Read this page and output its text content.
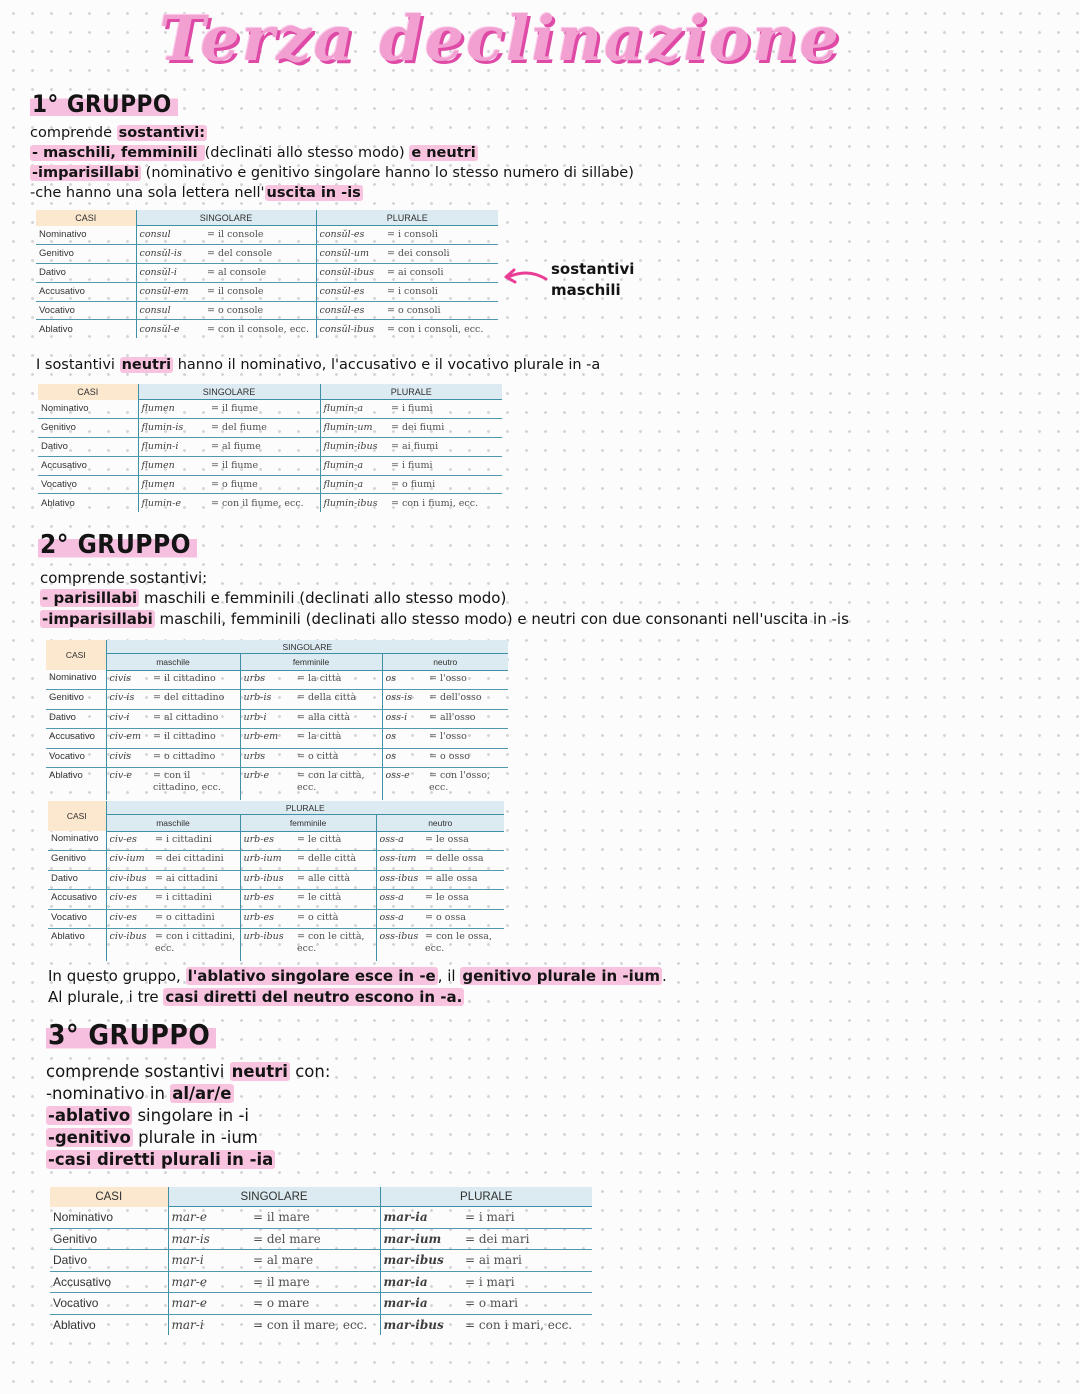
Terza declinazione
1° GRUPPO
comprende sostantivi:
- maschili, femminili (declinati allo stesso modo) e neutri
-imparisillabi (nominativo e genitivo singolare hanno lo stesso numero di sillabe)
-che hanno una sola lettera nell' uscita in -is
CASI	SINGOLARE		PLURALE	
Nominativo	consul	= il console	consŭl-es	= i consoli
Genitivo	consŭl-is	= del console	consŭl-um	= dei consoli
Dativo	consŭl-i	= al console	consŭl-ibus	= ai consoli
Accusativo	consŭl-em	= il console	consŭl-es	= i consoli
Vocativo	consul	= o console	consŭl-es	= o consoli
Ablativo	consŭl-e	= con il console, ecc.	consŭl-ibus	= con i consoli, ecc.
sostantivi
maschili
I sostantivi neutri hanno il nominativo, l'accusativo e il vocativo plurale in -a
CASI	SINGOLARE		PLURALE	
Nominativo	flumen	= il fiume	flumin-a	= i fiumi
Genitivo	flumin-is	= del fiume	flumin-um	= dei fiumi
Dativo	flumin-i	= al fiume	flumin-ibus	= ai fiumi
Accusativo	flumen	= il fiume	flumin-a	= i fiumi
Vocativo	flumen	= o fiume	flumin-a	= o fiumi
Ablativo	flumin-e	= con il fiume, ecc.	flumin-ibus	= con i fiumi, ecc.
2° GRUPPO
comprende sostantivi:
- parisillabi maschili e femminili (declinati allo stesso modo)
-imparisillabi maschili, femminili (declinati allo stesso modo) e neutri con due consonanti nell'uscita in -is
CASI	SINGOLARE					
	maschile		femminile		neutro	
Nominativo	civis	= il cittadino	urbs	= la città	os	= l'osso
Genitivo	civ-is	= del cittadino	urb-is	= della città	oss-is	= dell'osso
Dativo	civ-i	= al cittadino	urb-i	= alla città	oss-i	= all'osso
Accusativo	civ-em	= il cittadino	urb-em	= la città	os	= l'osso
Vocativo	civis	= o cittadino	urbs	= o città	os	= o osso
Ablativo	civ-e	= con il cittadino, ecc.	urb-e	= con la città, ecc.	oss-e	= con l'osso, ecc.
CASI	PLURALE					
	maschile		femminile		neutro	
Nominativo	civ-es	= i cittadini	urb-es	= le città	oss-a	= le ossa
Genitivo	civ-ium	= dei cittadini	urb-ium	= delle città	oss-ium	= delle ossa
Dativo	civ-ibus	= ai cittadini	urb-ibus	= alle città	oss-ibus	= alle ossa
Accusativo	civ-es	= i cittadini	urb-es	= le città	oss-a	= le ossa
Vocativo	civ-es	= o cittadini	urb-es	= o città	oss-a	= o ossa
Ablativo	civ-ibus	= con i cittadini, ecc.	urb-ibus	= con le città, ecc.	oss-ibus	= con le ossa, ecc.
In questo gruppo, l'ablativo singolare esce in -e , il genitivo plurale in -ium .
Al plurale, i tre casi diretti del neutro escono in -a.
3° GRUPPO
comprende sostantivi neutri con:
-nominativo in al/ar/e
-ablativo singolare in -i
-genitivo plurale in -ium
-casi diretti plurali in -ia
CASI	SINGOLARE		PLURALE	
Nominativo	mar-e	= il mare	mar-ia	= i mari
Genitivo	mar-is	= del mare	mar-ium	= dei mari
Dativo	mar-i	= al mare	mar-ibus	= ai mari
Accusativo	mar-e	= il mare	mar-ia	= i mari
Vocativo	mar-e	= o mare	mar-ia	= o mari
Ablativo	mar-i	= con il mare, ecc.	mar-ibus	= con i mari, ecc.
